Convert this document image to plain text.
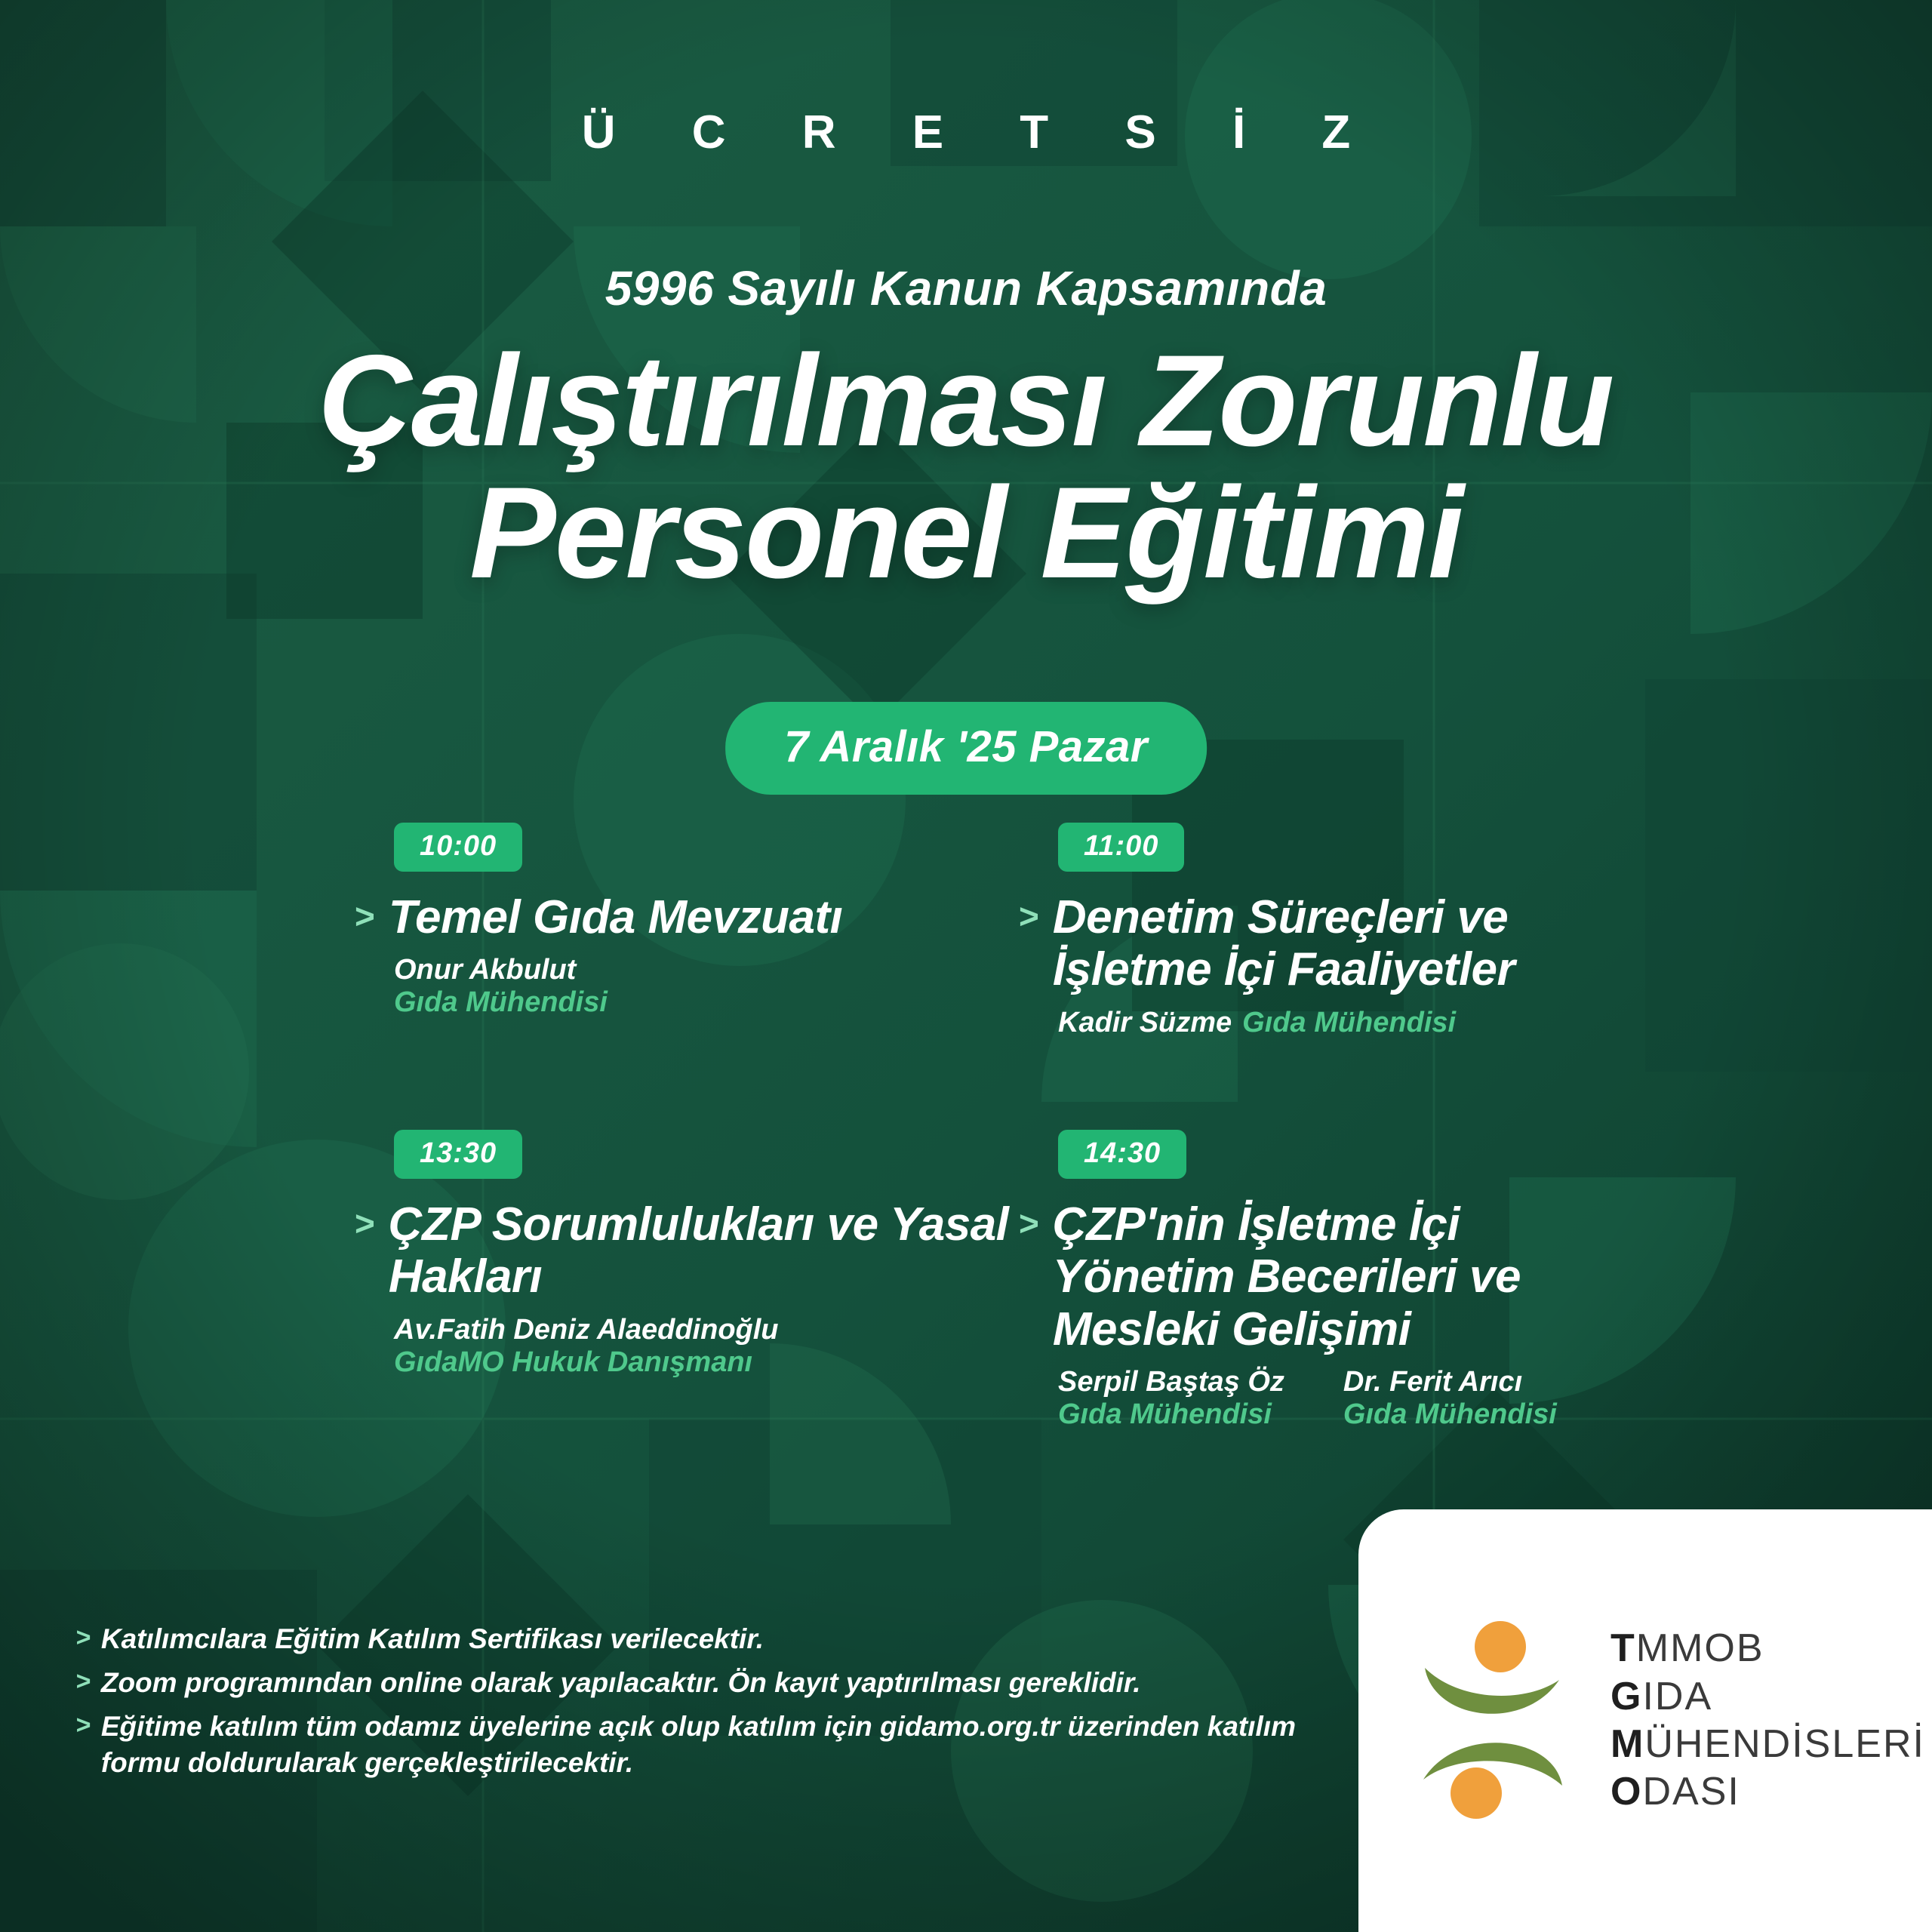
Ü C R E T S İ Z
5996 Sayılı Kanun Kapsamında
Çalıştırılması Zorunlu
Personel Eğitimi
7 Aralık '25 Pazar
10:00
> Temel Gıda Mevzuatı
Onur Akbulut
Gıda Mühendisi
11:00
> Denetim Süreçleri ve İşletme İçi Faaliyetler
Kadir Süzme Gıda Mühendisi
13:30
> ÇZP Sorumlulukları ve Yasal Hakları
Av.Fatih Deniz Alaeddinoğlu
GıdaMO Hukuk Danışmanı
14:30
> ÇZP'nin İşletme İçi Yönetim Becerileri ve Mesleki Gelişimi
Serpil Baştaş Öz
Gıda Mühendisi
Dr. Ferit Arıcı
Gıda Mühendisi
> Katılımcılara Eğitim Katılım Sertifikası verilecektir.
> Zoom programından online olarak yapılacaktır. Ön kayıt yaptırılması gereklidir.
> Eğitime katılım tüm odamız üyelerine açık olup katılım için gidamo.org.tr üzerinden katılım formu doldurularak gerçekleştirilecektir.
TMMOB
GIDA
MÜHENDİSLERİ
ODASI
